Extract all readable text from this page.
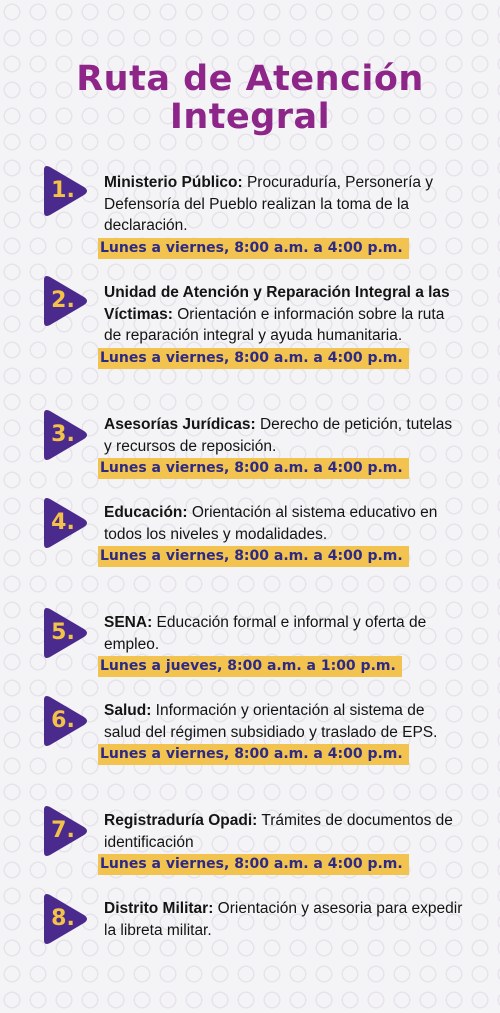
Ruta de Atención
Integral
1.	Ministerio Público: Procuraduría, Personería y Defensoría del Pueblo realizan la toma de la declaración.
Lunes a viernes, 8:00 a.m. a 4:00 p.m.
2.	Unidad de Atención y Reparación Integral a las Víctimas: Orientación e información sobre la ruta de reparación integral y ayuda humanitaria.
Lunes a viernes, 8:00 a.m. a 4:00 p.m.
3.	Asesorías Jurídicas: Derecho de petición, tutelas y recursos de reposición.
Lunes a viernes, 8:00 a.m. a 4:00 p.m.
4.	Educación: Orientación al sistema educativo en todos los niveles y modalidades.
Lunes a viernes, 8:00 a.m. a 4:00 p.m.
5.	SENA: Educación formal e informal y oferta de empleo.
Lunes a jueves, 8:00 a.m. a 1:00 p.m.
6.	Salud: Información y orientación al sistema de salud del régimen subsidiado y traslado de EPS.
Lunes a viernes, 8:00 a.m. a 4:00 p.m.
7.	Registraduría Opadi: Trámites de documentos de identificación
Lunes a viernes, 8:00 a.m. a 4:00 p.m.
8.	Distrito Militar: Orientación y asesoria para expedir la libreta militar.
